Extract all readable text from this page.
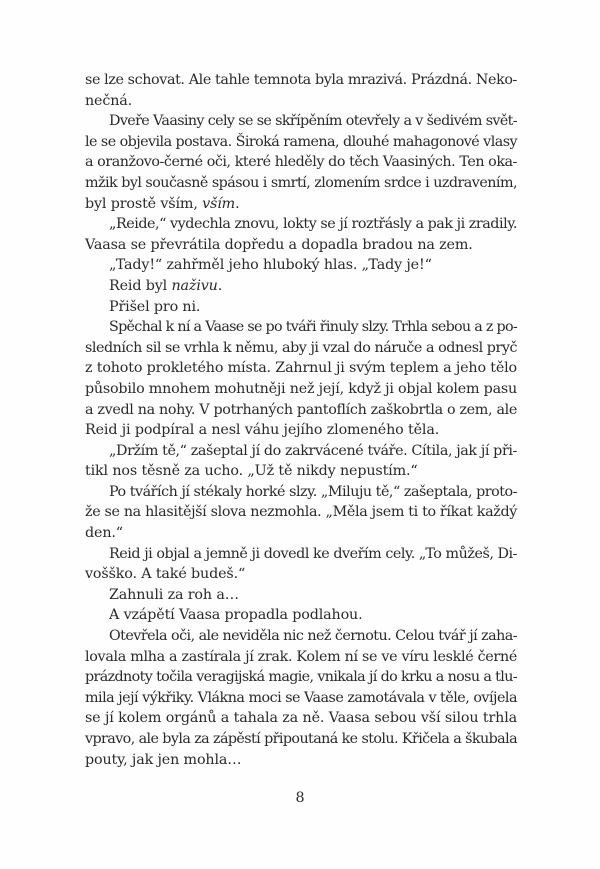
se lze schovat. Ale tahle temnota byla mrazivá. Prázdná. Neko-
nečná.
Dveře Vaasiny cely se se skřípěním otevřely a v šedivém svět-
le se objevila postava. Široká ramena, dlouhé mahagonové vlasy
a oranžovo-černé oči, které hleděly do těch Vaasiných. Ten oka-
mžik byl současně spásou i smrtí, zlomením srdce i uzdravením,
byl prostě vším, vším.
„Reide,“ vydechla znovu, lokty se jí roztřásly a pak ji zradily.
Vaasa se převrátila dopředu a dopadla bradou na zem.
„Tady!“ zahřměl jeho hluboký hlas. „Tady je!“
Reid byl naživu.
Přišel pro ni.
Spěchal k ní a Vaase se po tváři řinuly slzy. Trhla sebou a z po-
sledních sil se vrhla k němu, aby ji vzal do náruče a odnesl pryč
z tohoto prokletého místa. Zahrnul ji svým teplem a jeho tělo
působilo mnohem mohutněji než její, když ji objal kolem pasu
a zvedl na nohy. V potrhaných pantoflích zaškobrtla o zem, ale
Reid ji podpíral a nesl váhu jejího zlomeného těla.
„Držím tě,“ zašeptal jí do zakrvácené tváře. Cítila, jak jí při-
tikl nos těsně za ucho. „Už tě nikdy nepustím.“
Po tvářích jí stékaly horké slzy. „Miluju tě,“ zašeptala, proto-
že se na hlasitější slova nezmohla. „Měla jsem ti to říkat každý
den.“
Reid ji objal a jemně ji dovedl ke dveřím cely. „To můžeš, Di-
vošško. A také budeš.“
Zahnuli za roh a…
A vzápětí Vaasa propadla podlahou.
Otevřela oči, ale neviděla nic než černotu. Celou tvář jí zaha-
lovala mlha a zastírala jí zrak. Kolem ní se ve víru lesklé černé
prázdnoty točila veragijská magie, vnikala jí do krku a nosu a tlu-
mila její výkřiky. Vlákna moci se Vaase zamotávala v těle, ovíjela
se jí kolem orgánů a tahala za ně. Vaasa sebou vší silou trhla
vpravo, ale byla za zápěstí připoutaná ke stolu. Křičela a škubala
pouty, jak jen mohla…
8
